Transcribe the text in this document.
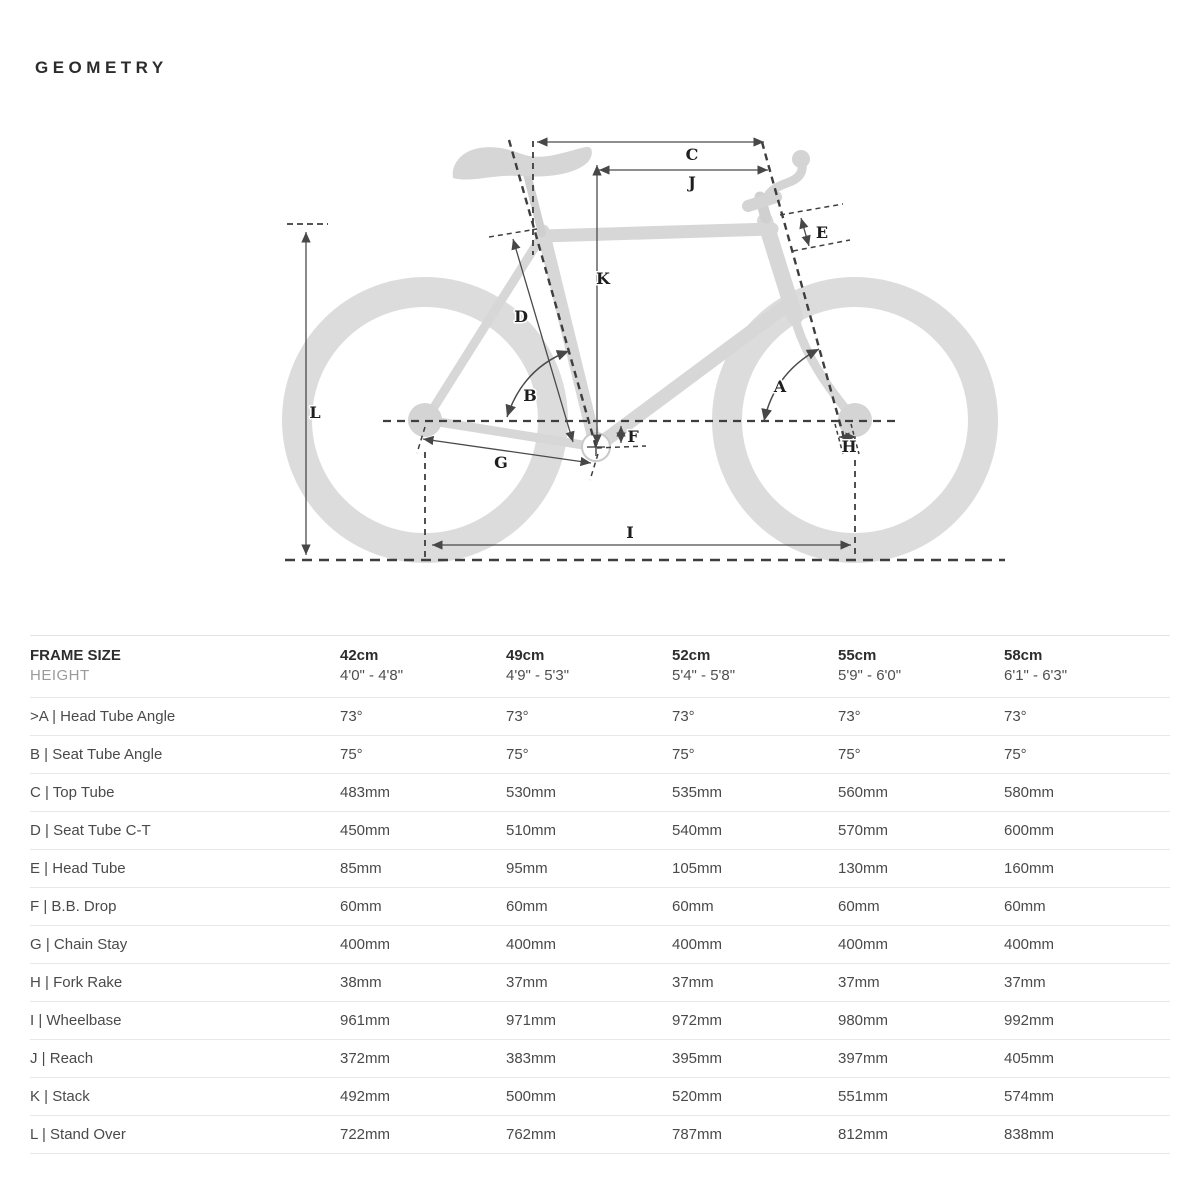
GEOMETRY
C
J
K
D
E
F
G
H
I
L
A
B
FRAME SIZE	42cm	49cm	52cm	55cm	58cm
HEIGHT	4'0" - 4'8"	4'9" - 5'3"	5'4" - 5'8"	5'9" - 6'0"	6'1" - 6'3"
>A | Head Tube Angle	73°	73°	73°	73°	73°
B | Seat Tube Angle	75°	75°	75°	75°	75°
C | Top Tube	483mm	530mm	535mm	560mm	580mm
D | Seat Tube C-T	450mm	510mm	540mm	570mm	600mm
E | Head Tube	85mm	95mm	105mm	130mm	160mm
F | B.B. Drop	60mm	60mm	60mm	60mm	60mm
G | Chain Stay	400mm	400mm	400mm	400mm	400mm
H | Fork Rake	38mm	37mm	37mm	37mm	37mm
I | Wheelbase	961mm	971mm	972mm	980mm	992mm
J | Reach	372mm	383mm	395mm	397mm	405mm
K | Stack	492mm	500mm	520mm	551mm	574mm
L | Stand Over	722mm	762mm	787mm	812mm	838mm
